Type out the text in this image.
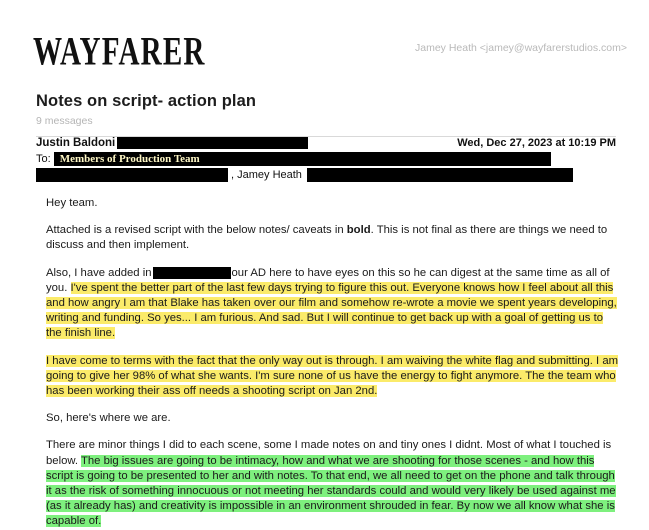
WAYFARER	Jamey Heath <jamey@wayfarerstudios.com>
Notes on script- action plan
9 messages
Justin Baldoni	Wed, Dec 27, 2023 at 10:19 PM
To: Members of Production Team
, Jamey Heath

Hey team.

Attached is a revised script with the below notes/ caveats in bold. This is not final as there are things we need to discuss and then implement.

Also, I have added in	our AD here to have eyes on this so he can digest at the same time as all of you. I've spent the better part of the last few days trying to figure this out. Everyone knows how I feel about all this and how angry I am that Blake has taken over our film and somehow re-wrote a movie we spent years developing, writing and funding. So yes... I am furious. And sad. But I will continue to get back up with a goal of getting us to the finish line.

I have come to terms with the fact that the only way out is through. I am waiving the white flag and submitting. I am going to give her 98% of what she wants. I'm sure none of us have the energy to fight anymore. The the team who has been working their ass off needs a shooting script on Jan 2nd.

So, here's where we are.

There are minor things I did to each scene, some I made notes on and tiny ones I didnt. Most of what I touched is below. The big issues are going to be intimacy, how and what we are shooting for those scenes - and how this script is going to be presented to her and with notes. To that end, we all need to get on the phone and talk through it as the risk of something innocuous or not meeting her standards could and would very likely be used against me (as it already has) and creativity is impossible in an environment shrouded in fear. By now we all know what she is capable of.
